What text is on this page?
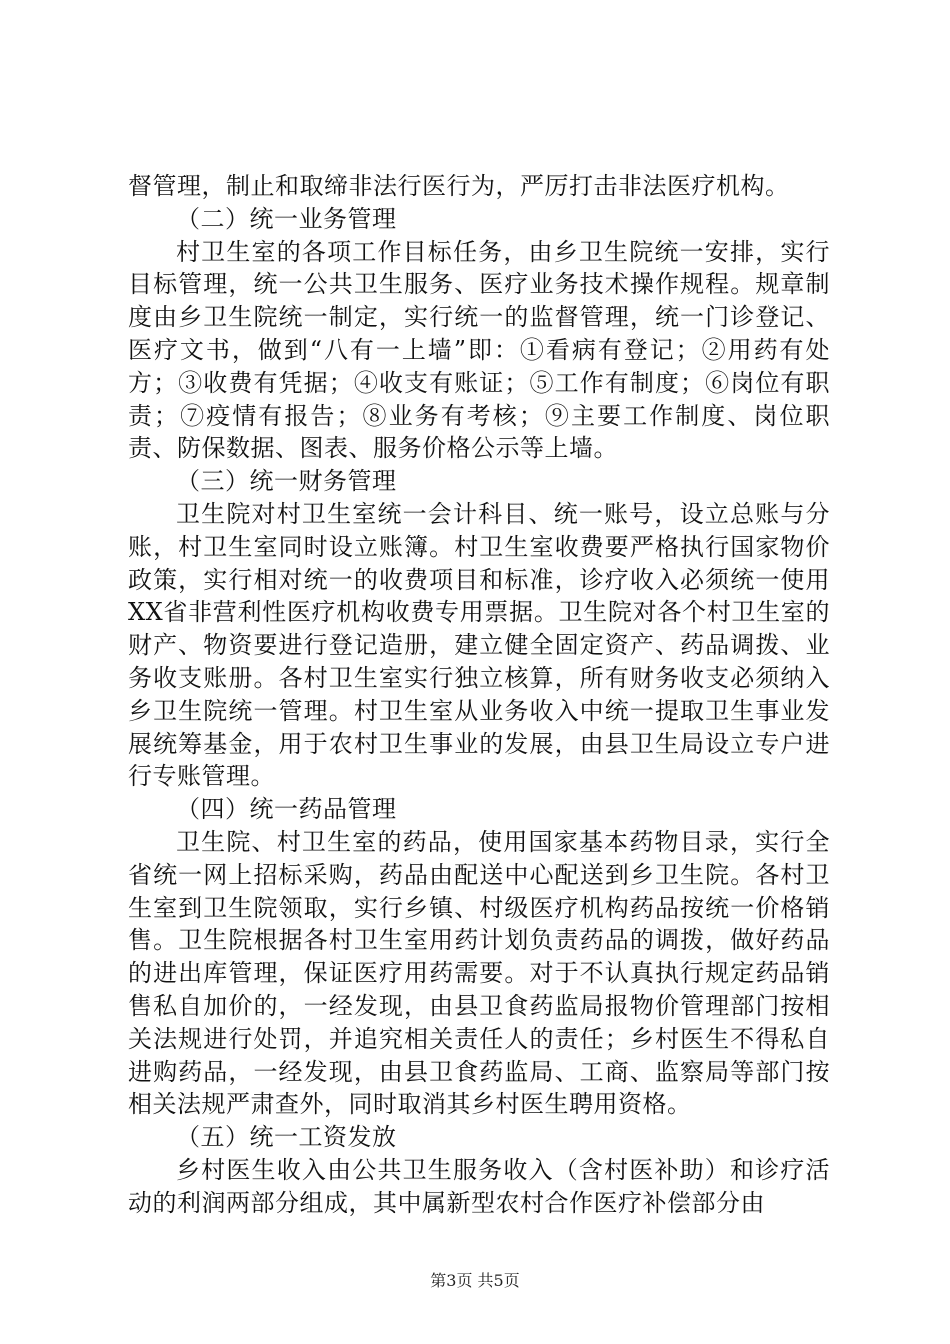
督管理，制止和取缔非法行医行为，严厉打击非法医疗机构。

（二）统一业务管理

村卫生室的各项工作目标任务，由乡卫生院统一安排，实行目标管理，统一公共卫生服务、医疗业务技术操作规程。规章制度由乡卫生院统一制定，实行统一的监督管理，统一门诊登记、医疗文书，做到“八有一上墙”即：①看病有登记；②用药有处方；③收费有凭据；④收支有账证；⑤工作有制度；⑥岗位有职责；⑦疫情有报告；⑧业务有考核；⑨主要工作制度、岗位职责、防保数据、图表、服务价格公示等上墙。

（三）统一财务管理

卫生院对村卫生室统一会计科目、统一账号，设立总账与分账，村卫生室同时设立账簿。村卫生室收费要严格执行国家物价政策，实行相对统一的收费项目和标准，诊疗收入必须统一使用XX省非营利性医疗机构收费专用票据。卫生院对各个村卫生室的财产、物资要进行登记造册，建立健全固定资产、药品调拨、业务收支账册。各村卫生室实行独立核算，所有财务收支必须纳入乡卫生院统一管理。村卫生室从业务收入中统一提取卫生事业发展统筹基金，用于农村卫生事业的发展，由县卫生局设立专户进行专账管理。

（四）统一药品管理

卫生院、村卫生室的药品，使用国家基本药物目录，实行全省统一网上招标采购，药品由配送中心配送到乡卫生院。各村卫生室到卫生院领取，实行乡镇、村级医疗机构药品按统一价格销售。卫生院根据各村卫生室用药计划负责药品的调拨，做好药品的进出库管理，保证医疗用药需要。对于不认真执行规定药品销售私自加价的，一经发现，由县卫食药监局报物价管理部门按相关法规进行处罚，并追究相关责任人的责任；乡村医生不得私自进购药品，一经发现，由县卫食药监局、工商、监察局等部门按相关法规严肃查外，同时取消其乡村医生聘用资格。

（五）统一工资发放

乡村医生收入由公共卫生服务收入（含村医补助）和诊疗活动的利润两部分组成，其中属新型农村合作医疗补偿部分由

第3页 共5页
